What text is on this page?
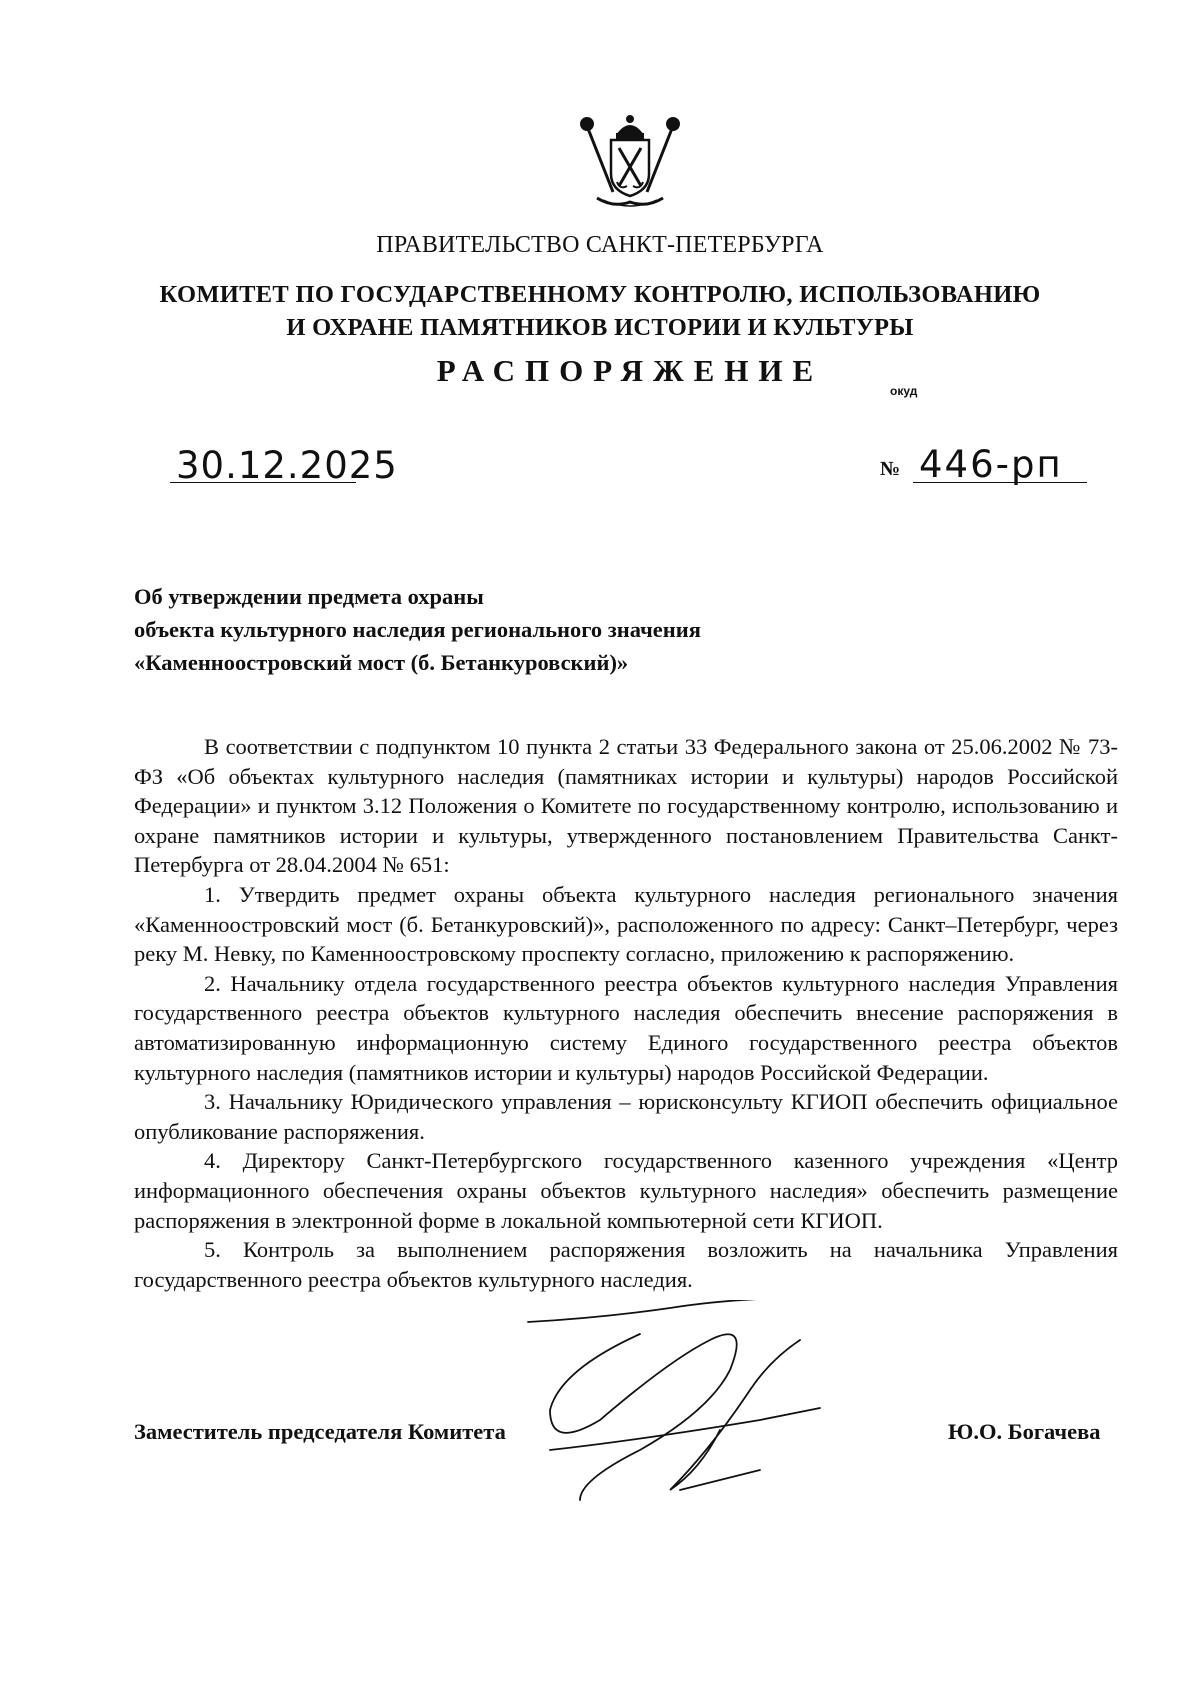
ПРАВИТЕЛЬСТВО САНКТ-ПЕТЕРБУРГА
КОМИТЕТ ПО ГОСУДАРСТВЕННОМУ КОНТРОЛЮ, ИСПОЛЬЗОВАНИЮ
И ОХРАНЕ ПАМЯТНИКОВ ИСТОРИИ И КУЛЬТУРЫ
РАСПОРЯЖЕНИЕ
окуд
30.12.2025	№ 446-рп
Об утверждении предмета охраны
объекта культурного наследия регионального значения
«Каменноостровский мост (б. Бетанкуровский)»

В соответствии с подпунктом 10 пункта 2 статьи 33 Федерального закона от 25.06.2002 № 73-ФЗ «Об объектах культурного наследия (памятниках истории и культуры) народов Российской Федерации» и пунктом 3.12 Положения о Комитете по государственному контролю, использованию и охране памятников истории и культуры, утвержденного постановлением Правительства Санкт-Петербурга от 28.04.2004 № 651:

1. Утвердить предмет охраны объекта культурного наследия регионального значения «Каменноостровский мост (б. Бетанкуровский)», расположенного по адресу: Санкт–Петербург, через реку М. Невку, по Каменноостровскому проспекту согласно, приложению к распоряжению.

2. Начальнику отдела государственного реестра объектов культурного наследия Управления государственного реестра объектов культурного наследия обеспечить внесение распоряжения в автоматизированную информационную систему Единого государственного реестра объектов культурного наследия (памятников истории и культуры) народов Российской Федерации.

3. Начальнику Юридического управления – юрисконсульту КГИОП обеспечить официальное опубликование распоряжения.

4. Директору Санкт-Петербургского государственного казенного учреждения «Центр информационного обеспечения охраны объектов культурного наследия» обеспечить размещение распоряжения в электронной форме в локальной компьютерной сети КГИОП.

5. Контроль за выполнением распоряжения возложить на начальника Управления государственного реестра объектов культурного наследия.

Заместитель председателя Комитета	Ю.О. Богачева
